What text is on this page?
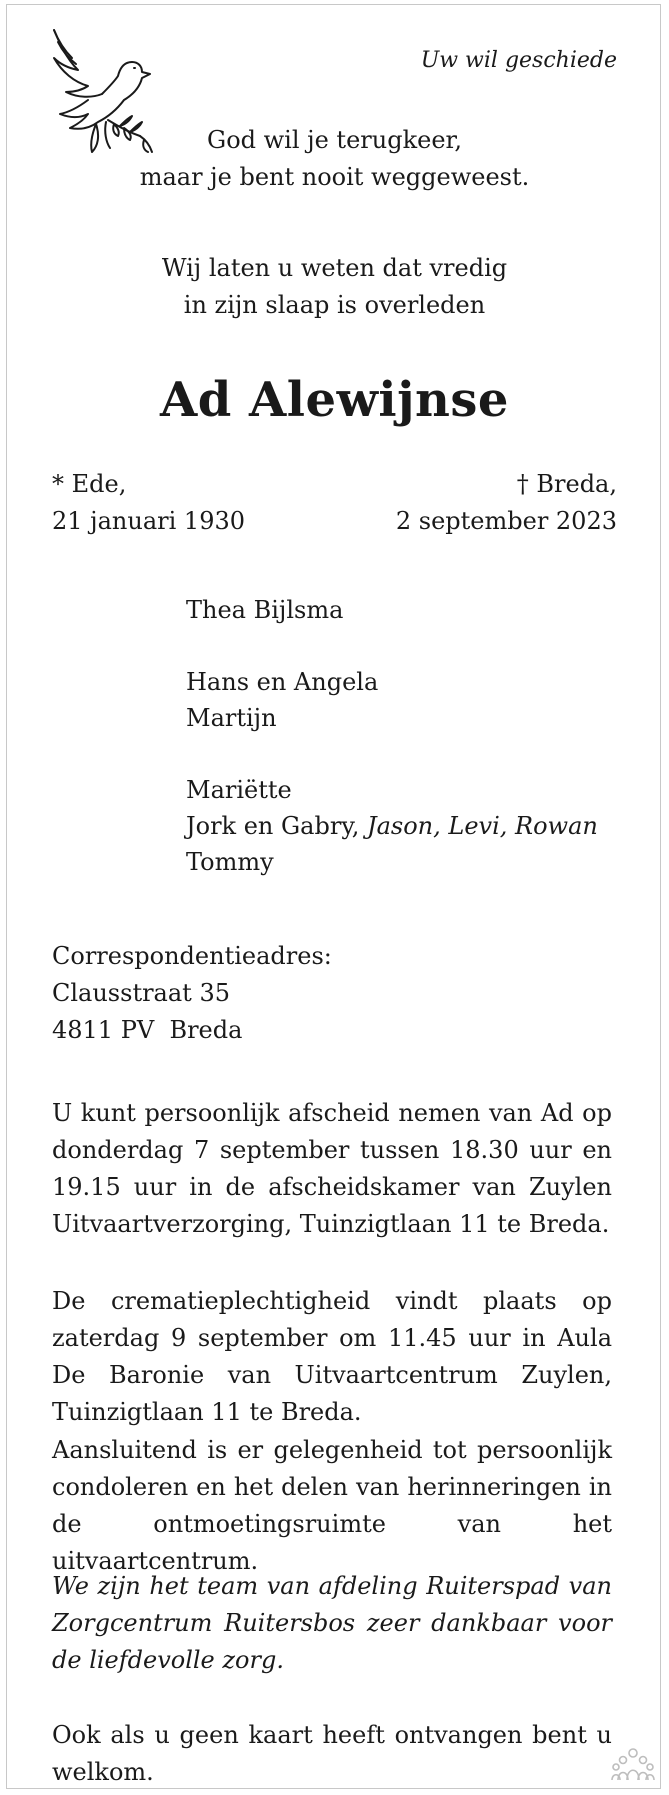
Uw wil geschiede
God wil je terugkeer,
maar je bent nooit weggeweest.
Wij laten u weten dat vredig
in zijn slaap is overleden
Ad Alewijnse
* Ede,
21 januari 1930
† Breda,
2 september 2023
Thea Bijlsma
Hans en Angela
Martijn
Mariëtte
Jork en Gabry, Jason, Levi, Rowan
Tommy
Correspondentieadres:
Clausstraat 35
4811 PV  Breda
U kunt persoonlijk afscheid nemen van Ad op donderdag 7 september tussen 18.30 uur en 19.15 uur in de afscheidskamer van Zuylen Uitvaartverzorging, Tuinzigtlaan 11 te Breda.
De crematieplechtigheid vindt plaats op zaterdag 9 september om 11.45 uur in Aula De Baronie van Uitvaartcentrum Zuylen, Tuinzigtlaan 11 te Breda.
Aansluitend is er gelegenheid tot persoonlijk condoleren en het delen van herinneringen in de ontmoetingsruimte van het uitvaartcentrum.
We zijn het team van afdeling Ruiterspad van Zorgcentrum Ruitersbos zeer dankbaar voor de liefdevolle zorg.
Ook als u geen kaart heeft ontvangen bent u welkom.
